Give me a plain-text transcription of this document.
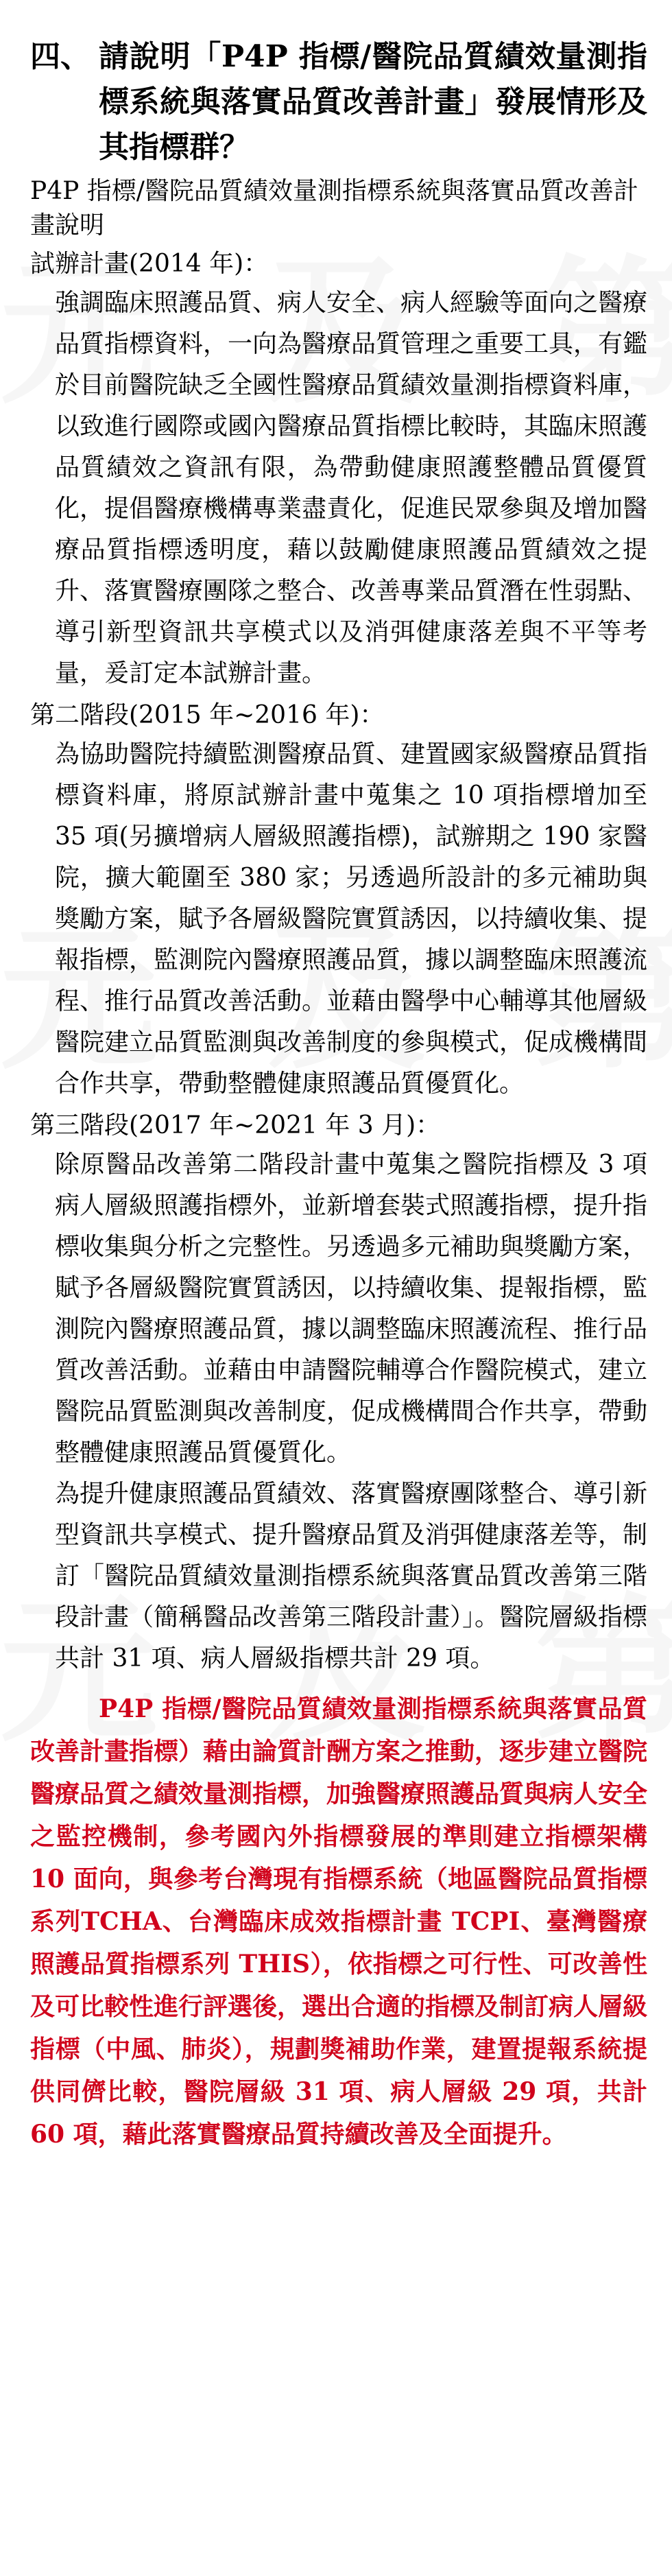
四、 請說明「P4P 指標/醫院品質績效量測指標系統與落實品質改善計畫」發展情形及其指標群？
P4P 指標/醫院品質績效量測指標系統與落實品質改善計畫說明
試辦計畫(2014 年)：
強調臨床照護品質、病人安全、病人經驗等面向之醫療品質指標資料，一向為醫療品質管理之重要工具，有鑑於目前醫院缺乏全國性醫療品質績效量測指標資料庫，以致進行國際或國內醫療品質指標比較時，其臨床照護品質績效之資訊有限，為帶動健康照護整體品質優質化，提倡醫療機構專業盡責化，促進民眾參與及增加醫療品質指標透明度，藉以鼓勵健康照護品質績效之提升、落實醫療團隊之整合、改善專業品質潛在性弱點、導引新型資訊共享模式以及消弭健康落差與不平等考量，爰訂定本試辦計畫。
第二階段(2015 年~2016 年)：
為協助醫院持續監測醫療品質、建置國家級醫療品質指標資料庫，將原試辦計畫中蒐集之 10 項指標增加至 35 項(另擴增病人層級照護指標)，試辦期之 190 家醫院，擴大範圍至 380 家；另透過所設計的多元補助與獎勵方案，賦予各層級醫院實質誘因，以持續收集、提報指標，監測院內醫療照護品質，據以調整臨床照護流程、推行品質改善活動。並藉由醫學中心輔導其他層級醫院建立品質監測與改善制度的參與模式，促成機構間合作共享，帶動整體健康照護品質優質化。
第三階段(2017 年~2021 年 3 月)：
除原醫品改善第二階段計畫中蒐集之醫院指標及 3 項病人層級照護指標外，並新增套裝式照護指標，提升指標收集與分析之完整性。另透過多元補助與獎勵方案，賦予各層級醫院實質誘因，以持續收集、提報指標，監測院內醫療照護品質，據以調整臨床照護流程、推行品質改善活動。並藉由申請醫院輔導合作醫院模式，建立醫院品質監測與改善制度，促成機構間合作共享，帶動整體健康照護品質優質化。
為提升健康照護品質績效、落實醫療團隊整合、導引新型資訊共享模式、提升醫療品質及消弭健康落差等，制訂「醫院品質績效量測指標系統與落實品質改善第三階段計畫（簡稱醫品改善第三階段計畫）」。醫院層級指標共計 31 項、病人層級指標共計 29 項。
P4P 指標/醫院品質績效量測指標系統與落實品質改善計畫指標）藉由論質計酬方案之推動，逐步建立醫院醫療品質之績效量測指標，加強醫療照護品質與病人安全之監控機制，參考國內外指標發展的準則建立指標架構 10 面向，與參考台灣現有指標系統（地區醫院品質指標系列TCHA、台灣臨床成效指標計畫 TCPI、臺灣醫療照護品質指標系列 THIS），依指標之可行性、可改善性及可比較性進行評選後，選出合適的指標及制訂病人層級指標（中風、肺炎），規劃獎補助作業，建置提報系統提供同儕比較，醫院層級 31 項、病人層級 29 項，共計 60 項，藉此落實醫療品質持續改善及全面提升。
